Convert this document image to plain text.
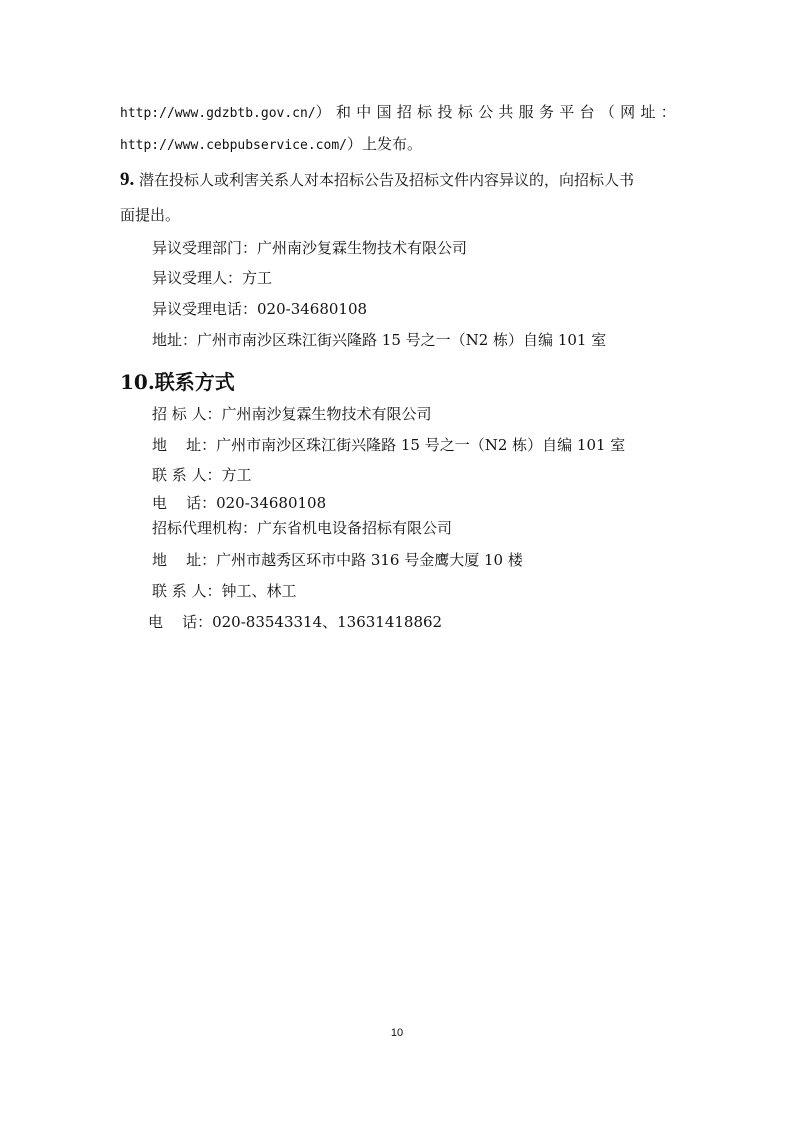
http://www.gdzbtb.gov.cn/）和中国招标投标公共服务平台（网址：
http://www.cebpubservice.com/）上发布。
9. 潜在投标人或利害关系人对本招标公告及招标文件内容异议的，向招标人书
面提出。
异议受理部门：广州南沙复霖生物技术有限公司
异议受理人：方工
异议受理电话：020-34680108
地址：广州市南沙区珠江街兴隆路 15 号之一（N2 栋）自编 101 室
10.联系方式
招 标 人：广州南沙复霖生物技术有限公司
地    址：广州市南沙区珠江街兴隆路 15 号之一（N2 栋）自编 101 室
联 系 人：方工
电    话：020-34680108
招标代理机构：广东省机电设备招标有限公司
地    址：广州市越秀区环市中路 316 号金鹰大厦 10 楼
联 系 人：钟工、林工
电    话：020-83543314、13631418862
10
